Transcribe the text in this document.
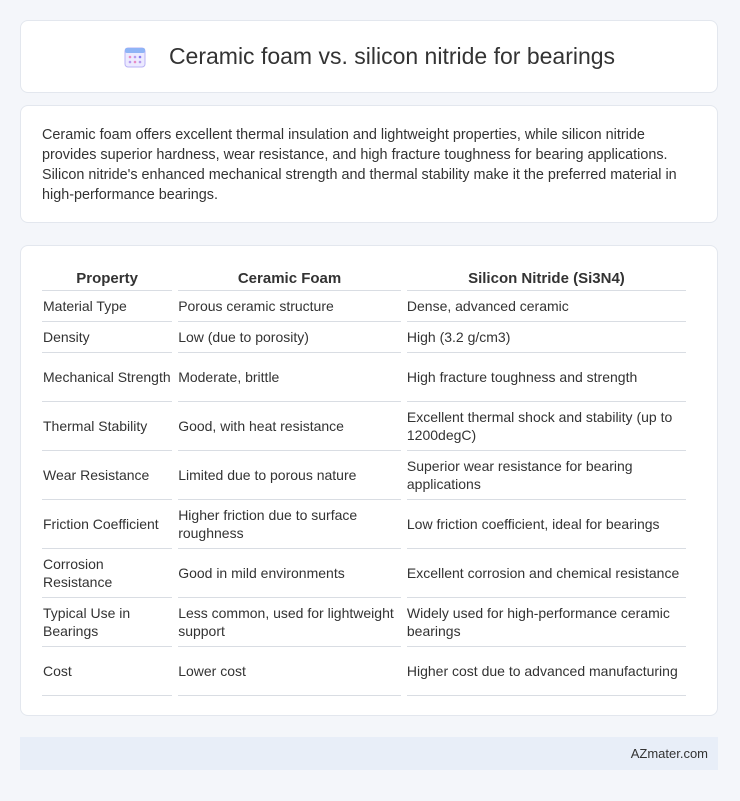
Ceramic foam vs. silicon nitride for bearings

Ceramic foam offers excellent thermal insulation and lightweight properties, while silicon nitride provides superior hardness, wear resistance, and high fracture toughness for bearing applications. Silicon nitride's enhanced mechanical strength and thermal stability make it the preferred material in high-performance bearings.

Property	Ceramic Foam	Silicon Nitride (Si3N4)
Material Type	Porous ceramic structure	Dense, advanced ceramic
Density	Low (due to porosity)	High (3.2 g/cm3)
Mechanical Strength	Moderate, brittle	High fracture toughness and strength
Thermal Stability	Good, with heat resistance	Excellent thermal shock and stability (up to 1200degC)
Wear Resistance	Limited due to porous nature	Superior wear resistance for bearing applications
Friction Coefficient	Higher friction due to surface roughness	Low friction coefficient, ideal for bearings
Corrosion Resistance	Good in mild environments	Excellent corrosion and chemical resistance
Typical Use in Bearings	Less common, used for lightweight support	Widely used for high-performance ceramic bearings
Cost	Lower cost	Higher cost due to advanced manufacturing
AZmater.com
